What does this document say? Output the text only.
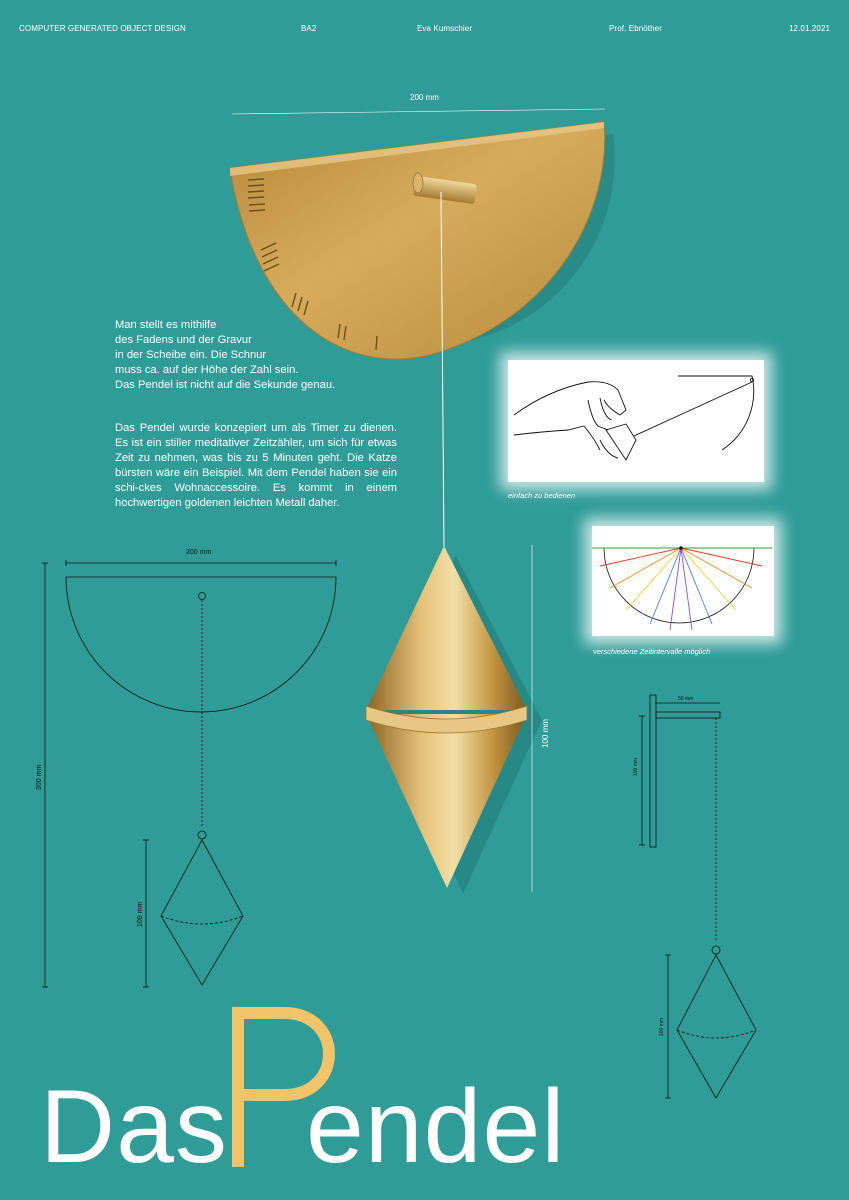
COMPUTER GENERATED OBJECT DESIGN	BA2	Eva Kumschier	Prof. Ebnöther	12.01.2021
200 mm
100 mm
200 mm
300 mm
100 mm
50 mm
100 mm
100 mm
Man stellt es mithilfe
des Fadens und der Gravur
in der Scheibe ein. Die Schnur
muss ca. auf der Höhe der Zahl sein.
Das Pendel ist nicht auf die Sekunde genau.
Das Pendel wurde konzepiert um als Timer zu dienen. Es ist ein stiller meditativer Zeitzähler, um sich für etwas Zeit zu nehmen, was bis zu 5 Minuten geht. Die Katze bürsten wäre ein Beispiel. Mit dem Pendel haben sie ein schi-ckes Wohnaccessoire. Es kommt in einem hochwertigen goldenen leichten Metall daher.
einfach zu bedienen
verschiedene Zeitintervalle möglich
Das endel
